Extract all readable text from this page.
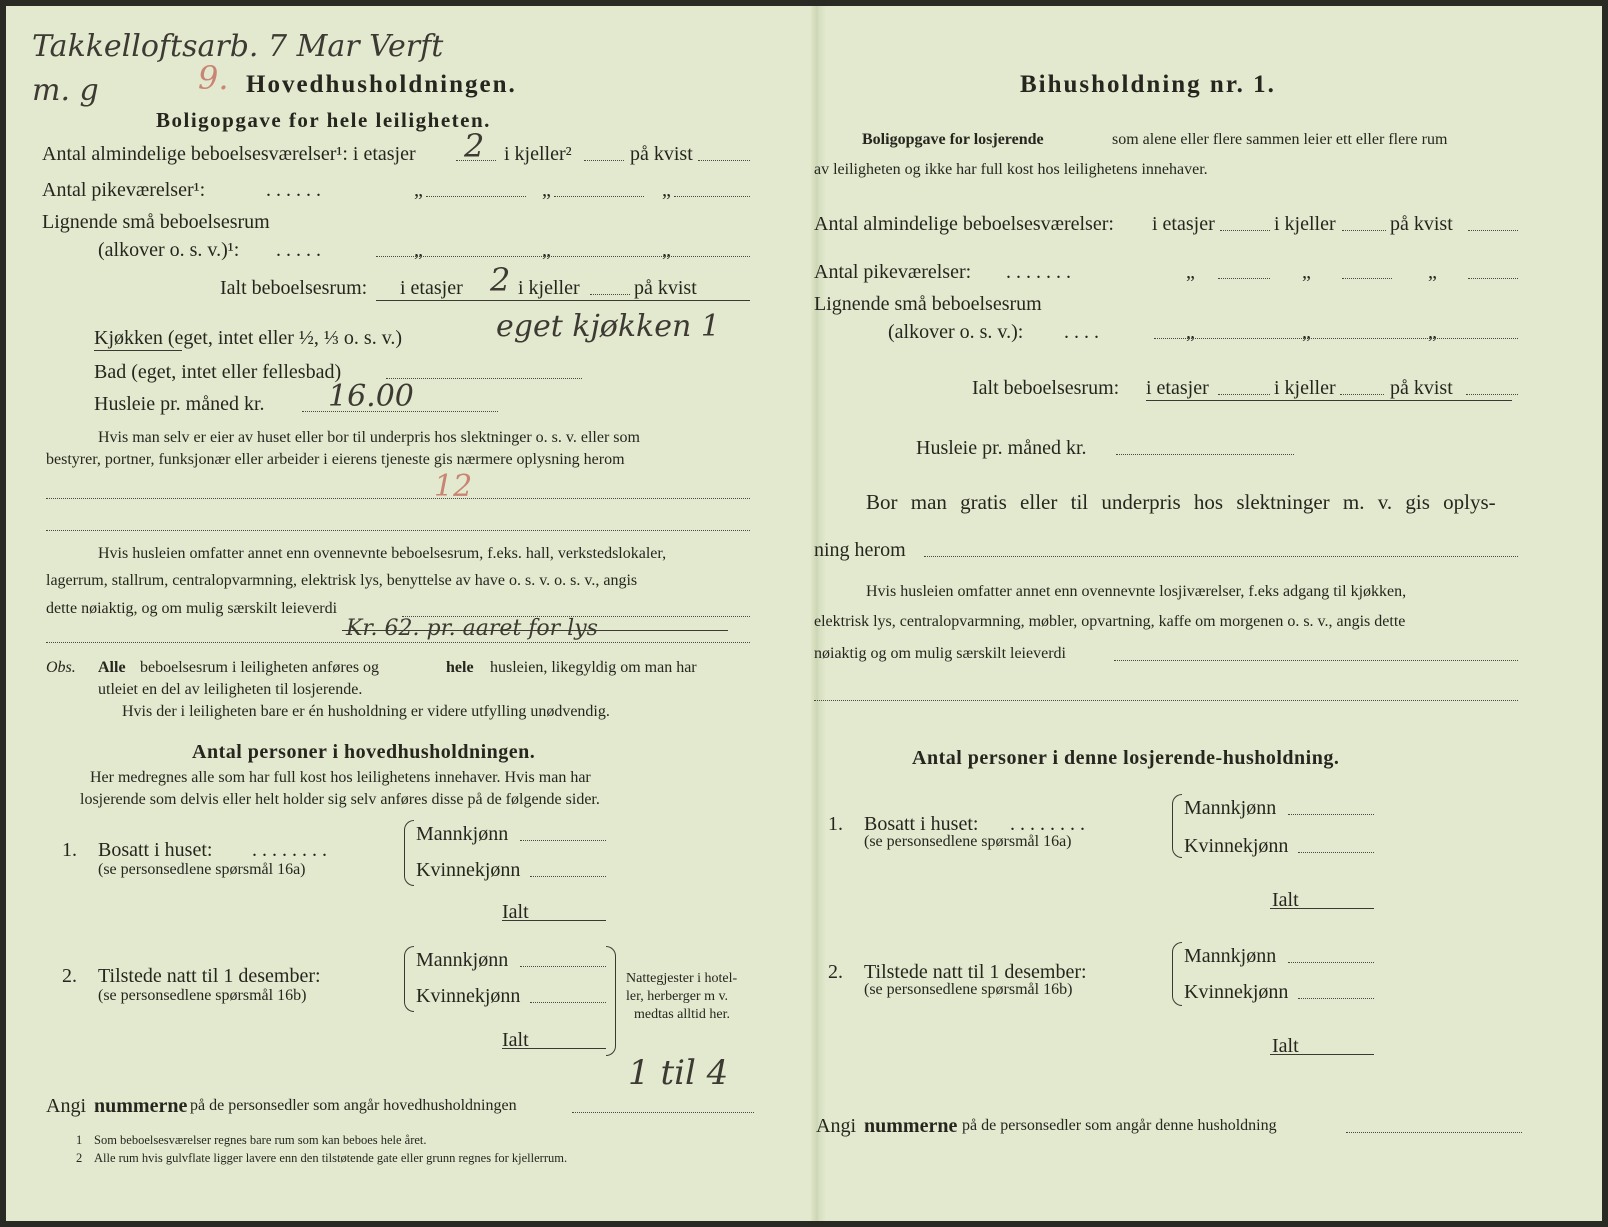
Takkelloftsarb. 7 Mar Verft
m. g	9. Hovedhusholdningen.
Boligopgave for hele leiligheten.
Antal almindelige beboelsesværelser¹: i etasjer 2 i kjeller²	på kvist
Antal pikeværelser¹:	. . . . . .	„	„	„
Lignende små beboelsesrum
(alkover o. s. v.)¹: . . . . .	„	„	„
Ialt beboelsesrum: i etasjer 2 i kjeller	på kvist
Kjøkken (eget, intet eller ½, ⅓ o. s. v.)	eget kjøkken 1
Bad (eget, intet eller fellesbad)
Husleie pr. måned kr. 16.00
Hvis man selv er eier av huset eller bor til underpris hos slektninger o. s. v. eller som
bestyrer, portner, funksjonær eller arbeider i eierens tjeneste gis nærmere oplysning herom
12
Hvis husleien omfatter annet enn ovennevnte beboelsesrum, f.eks. hall, verkstedslokaler,
lagerrum, stallrum, centralopvarmning, elektrisk lys, benyttelse av have o. s. v. o. s. v., angis
dette nøiaktig, og om mulig særskilt leieverdi
Kr. 62. pr. aaret for lys
Obs. Alle beboelsesrum i leiligheten anføres og	hele husleien, likegyldig om man har
utleiet en del av leiligheten til losjerende.
Hvis der i leiligheten bare er én husholdning er videre utfylling unødvendig.
Antal personer i hovedhusholdningen.
Her medregnes alle som har full kost hos leilighetens innehaver. Hvis man har
losjerende som delvis eller helt holder sig selv anføres disse på de følgende sider.
1. Bosatt i huset: . . . . . . . .
(se personsedlene spørsmål 16a)
Mannkjønn
Kvinnekjønn
Ialt
2. Tilstede natt til 1 desember:
(se personsedlene spørsmål 16b)
Mannkjønn
Kvinnekjønn
Ialt
Nattegjester i hotel-
ler, herberger m v.
medtas alltid her.
Angi nummerne på de personsedler som angår hovedhusholdningen
1 til 4
1 Som beboelsesværelser regnes bare rum som kan beboes hele året.
2 Alle rum hvis gulvflate ligger lavere enn den tilstøtende gate eller grunn regnes for kjellerrum.
Bihusholdning nr. 1.
Boligopgave for losjerende	som alene eller flere sammen leier ett eller flere rum
av leiligheten og ikke har full kost hos leilighetens innehaver.
Antal almindelige beboelsesværelser: i etasjer	i kjeller	på kvist
Antal pikeværelser: . . . . . . .	„	„	„
Lignende små beboelsesrum
(alkover o. s. v.): . . . .	„	„	„
Ialt beboelsesrum: i etasjer	i kjeller	på kvist
Husleie pr. måned kr.
Bor man gratis eller til underpris hos slektninger m. v. gis oplys-
ning herom
Hvis husleien omfatter annet enn ovennevnte losjiværelser, f.eks adgang til kjøkken,
elektrisk lys, centralopvarmning, møbler, opvartning, kaffe om morgenen o. s. v., angis dette
nøiaktig og om mulig særskilt leieverdi
Antal personer i denne losjerende-husholdning.
1. Bosatt i huset: . . . . . . . .
(se personsedlene spørsmål 16a)
Mannkjønn
Kvinnekjønn
Ialt
2. Tilstede natt til 1 desember:
(se personsedlene spørsmål 16b)
Mannkjønn
Kvinnekjønn
Ialt
Angi nummerne på de personsedler som angår denne husholdning
